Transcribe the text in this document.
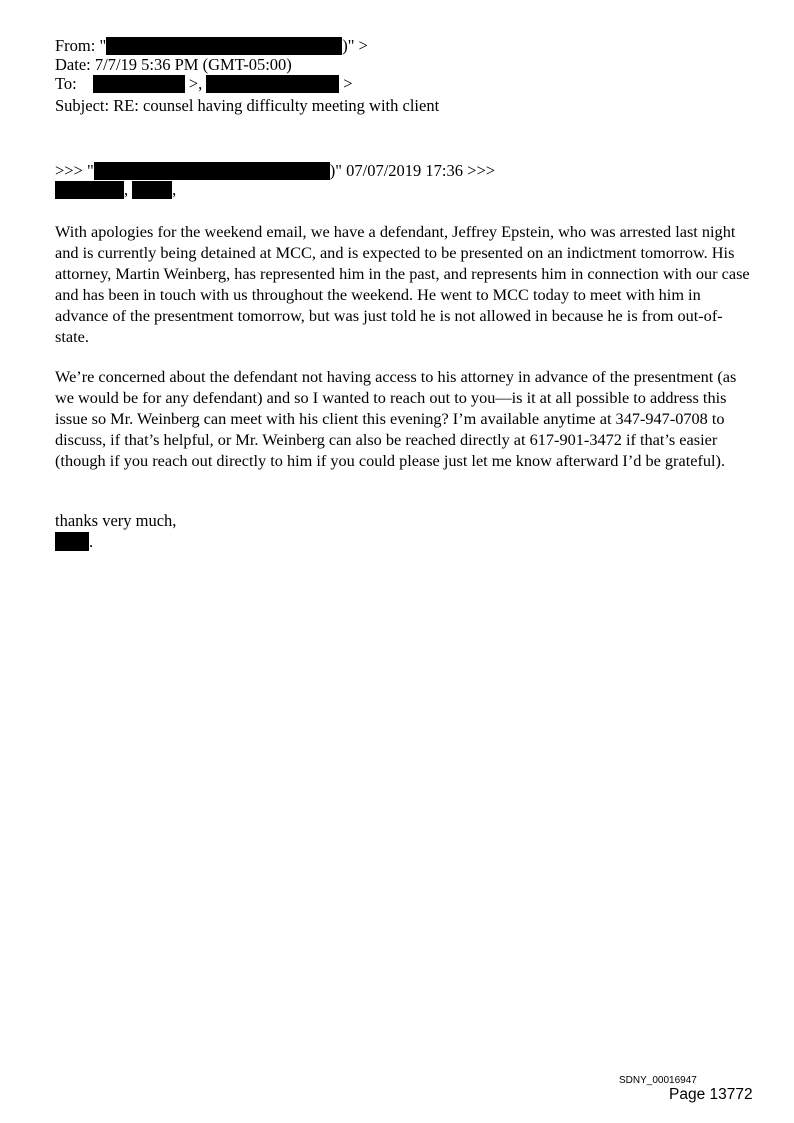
From: "	)" >
Date: 7/7/19 5:36 PM (GMT-05:00)
To:	>,	>
Subject: RE: counsel having difficulty meeting with client
>>> "	)" 07/07/2019 17:36 >>>
,	,
With apologies for the weekend email, we have a defendant, Jeffrey Epstein, who was arrested last night and is currently being detained at MCC, and is expected to be presented on an indictment tomorrow. His attorney, Martin Weinberg, has represented him in the past, and represents him in connection with our case and has been in touch with us throughout the weekend. He went to MCC today to meet with him in advance of the presentment tomorrow, but was just told he is not allowed in because he is from out-of-state.
We’re concerned about the defendant not having access to his attorney in advance of the presentment (as we would be for any defendant) and so I wanted to reach out to you—is it at all possible to address this issue so Mr. Weinberg can meet with his client this evening? I’m available anytime at 347-947-0708 to discuss, if that’s helpful, or Mr. Weinberg can also be reached directly at 617-901-3472 if that’s easier (though if you reach out directly to him if you could please just let me know afterward I’d be grateful).
thanks very much,
.
SDNY_00016947
Page 13772
